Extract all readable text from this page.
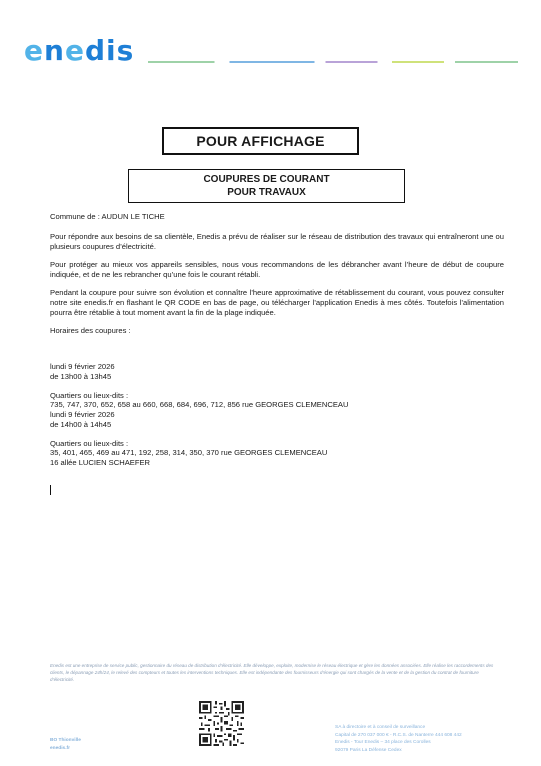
enedis
POUR AFFICHAGE
COUPURES DE COURANT
POUR TRAVAUX
Commune de : AUDUN LE TICHE
Pour répondre aux besoins de sa clientèle, Enedis a prévu de réaliser sur le réseau de distribution des travaux qui entraîneront une ou plusieurs coupures d’électricité.
Pour protéger au mieux vos appareils sensibles, nous vous recommandons de les débrancher avant l’heure de début de coupure indiquée, et de ne les rebrancher qu’une fois le courant rétabli.
Pendant la coupure pour suivre son évolution et connaître l’heure approximative de rétablissement du courant, vous pouvez consulter notre site enedis.fr en flashant le QR CODE en bas de page, ou télécharger l’application Enedis à mes côtés. Toutefois l’alimentation pourra être rétablie à tout moment avant la fin de la plage indiquée.
Horaires des coupures :
lundi 9 février 2026
de 13h00 à 13h45
Quartiers ou lieux-dits :
735, 747, 370, 652, 658 au 660, 668, 684, 696, 712, 856 rue GEORGES CLEMENCEAU
lundi 9 février 2026
de 14h00 à 14h45
Quartiers ou lieux-dits :
35, 401, 465, 469 au 471, 192, 258, 314, 350, 370 rue GEORGES CLEMENCEAU
16 allée LUCIEN SCHAEFER
Enedis est une entreprise de service public, gestionnaire du réseau de distribution d’électricité. Elle développe, exploite, modernise le réseau électrique et gère les données associées. Elle réalise les raccordements des clients, le dépannage 24h/24, le relevé des compteurs et toutes les interventions techniques. Elle est indépendante des fournisseurs d’énergie qui sont chargés de la vente et de la gestion du contrat de fourniture d’électricité.
BO Thionville
enedis.fr
SA à directoire et à conseil de surveillance
Capital de 270 037 000 € - R.C.S. de Nanterre 444 608 442
Enedis - Tour Enedis – 34 place des Corolles
92079 Paris La Défense Cedex
